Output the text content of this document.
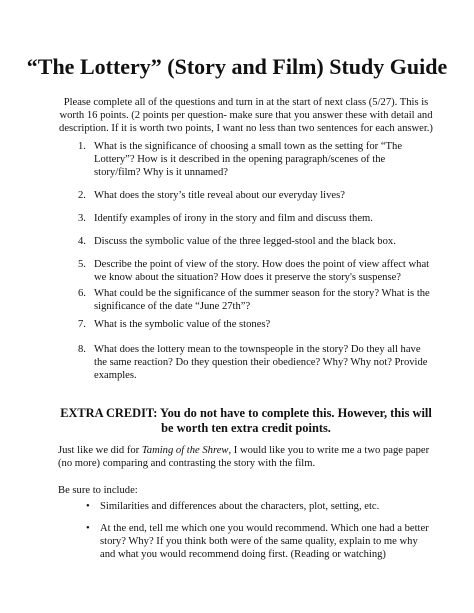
“The Lottery” (Story and Film) Study Guide
Please complete all of the questions and turn in at the start of next class (5/27). This is worth 16 points. (2 points per question- make sure that you answer these with detail and description. If it is worth two points, I want no less than two sentences for each answer.)
1. What is the significance of choosing a small town as the setting for “The Lottery”? How is it described in the opening paragraph/scenes of the story/film? Why is it unnamed?
2. What does the story’s title reveal about our everyday lives?
3. Identify examples of irony in the story and film and discuss them.
4. Discuss the symbolic value of the three legged-stool and the black box.
5. Describe the point of view of the story. How does the point of view affect what we know about the situation? How does it preserve the story's suspense?
6. What could be the significance of the summer season for the story? What is the significance of the date “June 27th”?
7. What is the symbolic value of the stones?
8. What does the lottery mean to the townspeople in the story? Do they all have the same reaction? Do they question their obedience? Why? Why not? Provide examples.
EXTRA CREDIT: You do not have to complete this. However, this will be worth ten extra credit points.
Just like we did for Taming of the Shrew, I would like you to write me a two page paper (no more) comparing and contrasting the story with the film.
Be sure to include:
• Similarities and differences about the characters, plot, setting, etc.
• At the end, tell me which one you would recommend. Which one had a better story? Why? If you think both were of the same quality, explain to me why and what you would recommend doing first. (Reading or watching)
